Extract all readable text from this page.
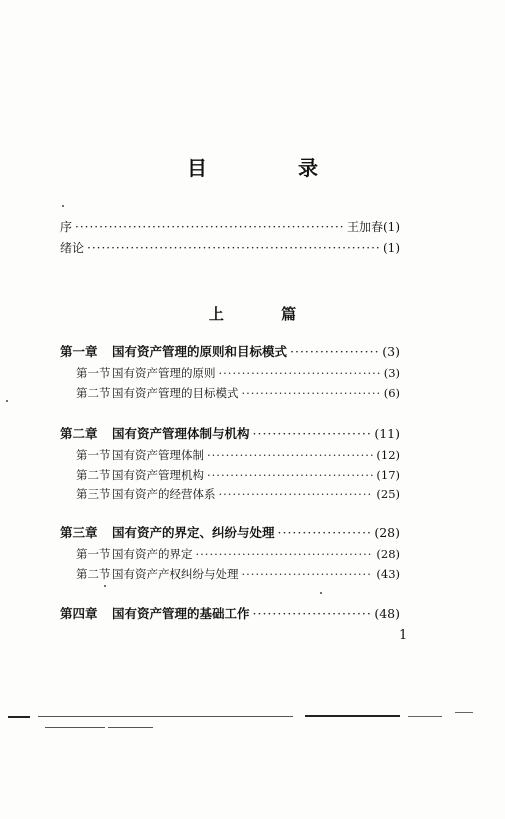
目 录
序 ·····	王加春(1)
绪论 ·····	(1)
上 篇
第一章 国有资产管理的原则和目标模式 ·····	(3)
第一节 国有资产管理的原则 ·····	(3)
第二节 国有资产管理的目标模式 ·····	(6)
第二章 国有资产管理体制与机构 ·····	(11)
第一节 国有资产管理体制 ·····	(12)
第二节 国有资产管理机构 ·····	(17)
第三节 国有资产的经营体系 ·····	(25)
第三章 国有资产的界定、纠纷与处理 ·····	(28)
第一节 国有资产的界定 ·····	(28)
第二节 国有资产产权纠纷与处理 ·····	(43)
第四章 国有资产管理的基础工作 ·····	(48)
1
